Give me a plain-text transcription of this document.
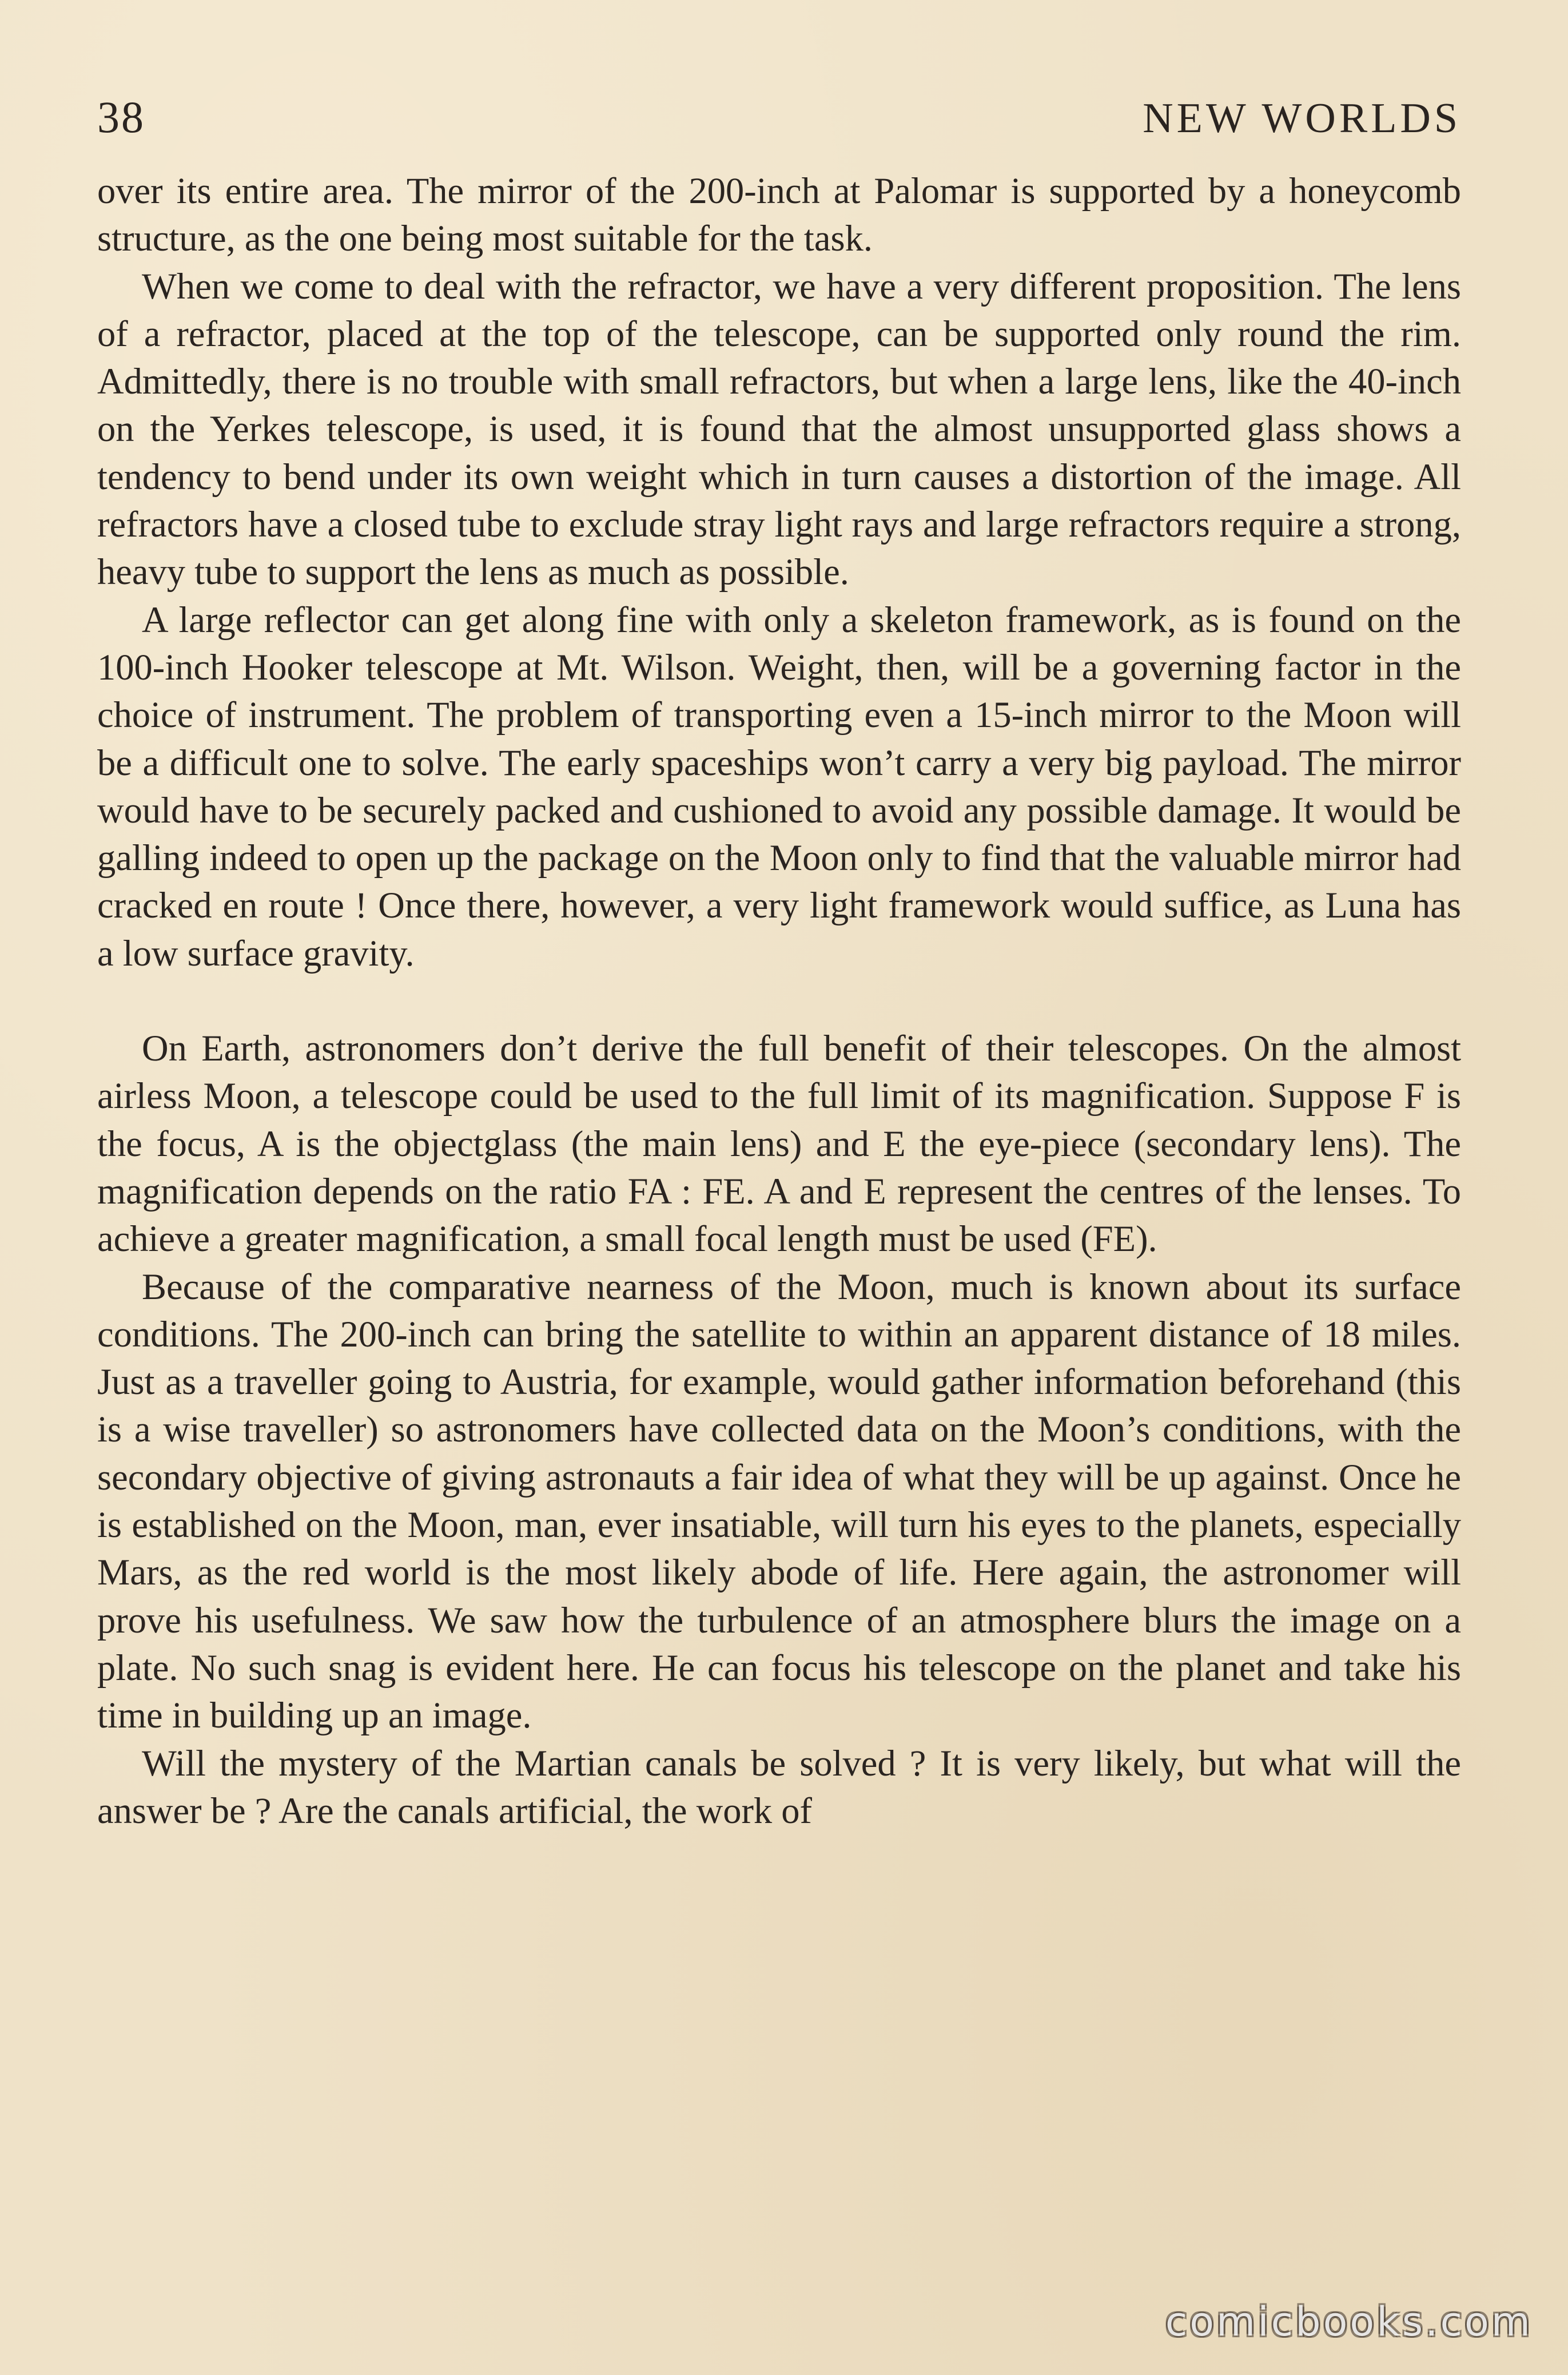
38	NEW WORLDS

over its entire area. The mirror of the 200-inch at Palomar is supported by a honeycomb structure, as the one being most suitable for the task.

When we come to deal with the refractor, we have a very different proposition. The lens of a refractor, placed at the top of the telescope, can be supported only round the rim. Admittedly, there is no trouble with small refractors, but when a large lens, like the 40-inch on the Yerkes telescope, is used, it is found that the almost unsupported glass shows a tendency to bend under its own weight which in turn causes a distortion of the image. All refractors have a closed tube to exclude stray light rays and large refractors require a strong, heavy tube to support the lens as much as possible.

A large reflector can get along fine with only a skeleton framework, as is found on the 100-inch Hooker telescope at Mt. Wilson. Weight, then, will be a governing factor in the choice of instrument. The problem of transporting even a 15-inch mirror to the Moon will be a difficult one to solve. The early spaceships won’t carry a very big payload. The mirror would have to be securely packed and cushioned to avoid any possible damage. It would be galling indeed to open up the package on the Moon only to find that the valuable mirror had cracked en route ! Once there, however, a very light framework would suffice, as Luna has a low surface gravity.

On Earth, astronomers don’t derive the full benefit of their telescopes. On the almost airless Moon, a telescope could be used to the full limit of its magnification. Suppose F is the focus, A is the objectglass (the main lens) and E the eye-piece (secondary lens). The magnification depends on the ratio FA : FE. A and E represent the centres of the lenses. To achieve a greater magnification, a small focal length must be used (FE).

Because of the comparative nearness of the Moon, much is known about its surface conditions. The 200-inch can bring the satellite to within an apparent distance of 18 miles. Just as a traveller going to Austria, for example, would gather information beforehand (this is a wise traveller) so astronomers have collected data on the Moon’s conditions, with the secondary objective of giving astronauts a fair idea of what they will be up against. Once he is established on the Moon, man, ever insatiable, will turn his eyes to the planets, especially Mars, as the red world is the most likely abode of life. Here again, the astronomer will prove his usefulness. We saw how the turbulence of an atmosphere blurs the image on a plate. No such snag is evident here. He can focus his telescope on the planet and take his time in building up an image.

Will the mystery of the Martian canals be solved ? It is very likely, but what will the answer be ? Are the canals artificial, the work of

comicbooks.com
